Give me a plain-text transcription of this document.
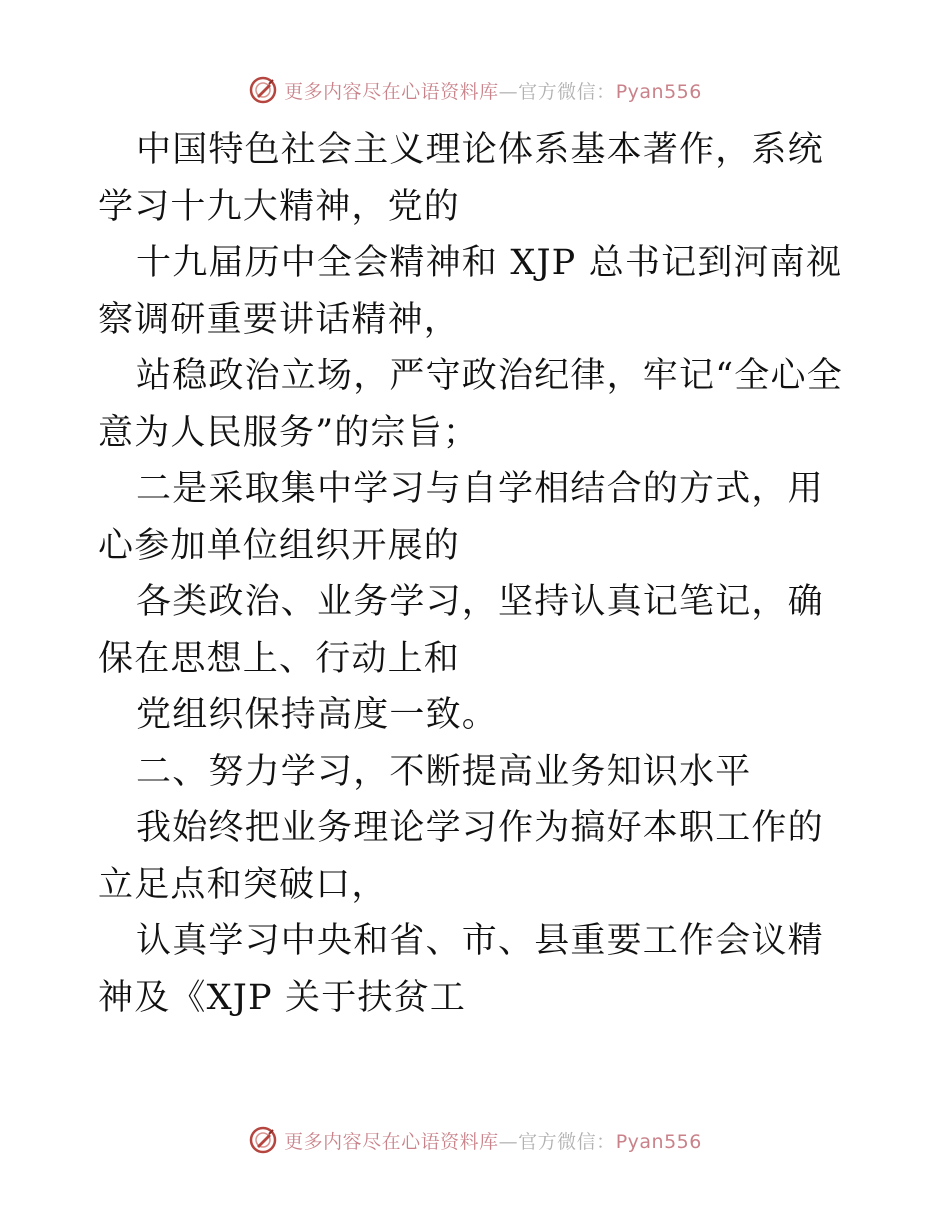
更多内容尽在心语资料库—官方微信：Pyan556

中国特色社会主义理论体系基本著作，系统学习十九大精神，党的

十九届历中全会精神和 XJP 总书记到河南视察调研重要讲话精神，

站稳政治立场，严守政治纪律，牢记“全心全意为人民服务”的宗旨；

二是采取集中学习与自学相结合的方式，用心参加单位组织开展的

各类政治、业务学习，坚持认真记笔记，确保在思想上、行动上和

党组织保持高度一致。

二、努力学习，不断提高业务知识水平

我始终把业务理论学习作为搞好本职工作的立足点和突破口，

认真学习中央和省、市、县重要工作会议精神及《XJP 关于扶贫工

更多内容尽在心语资料库—官方微信：Pyan556
